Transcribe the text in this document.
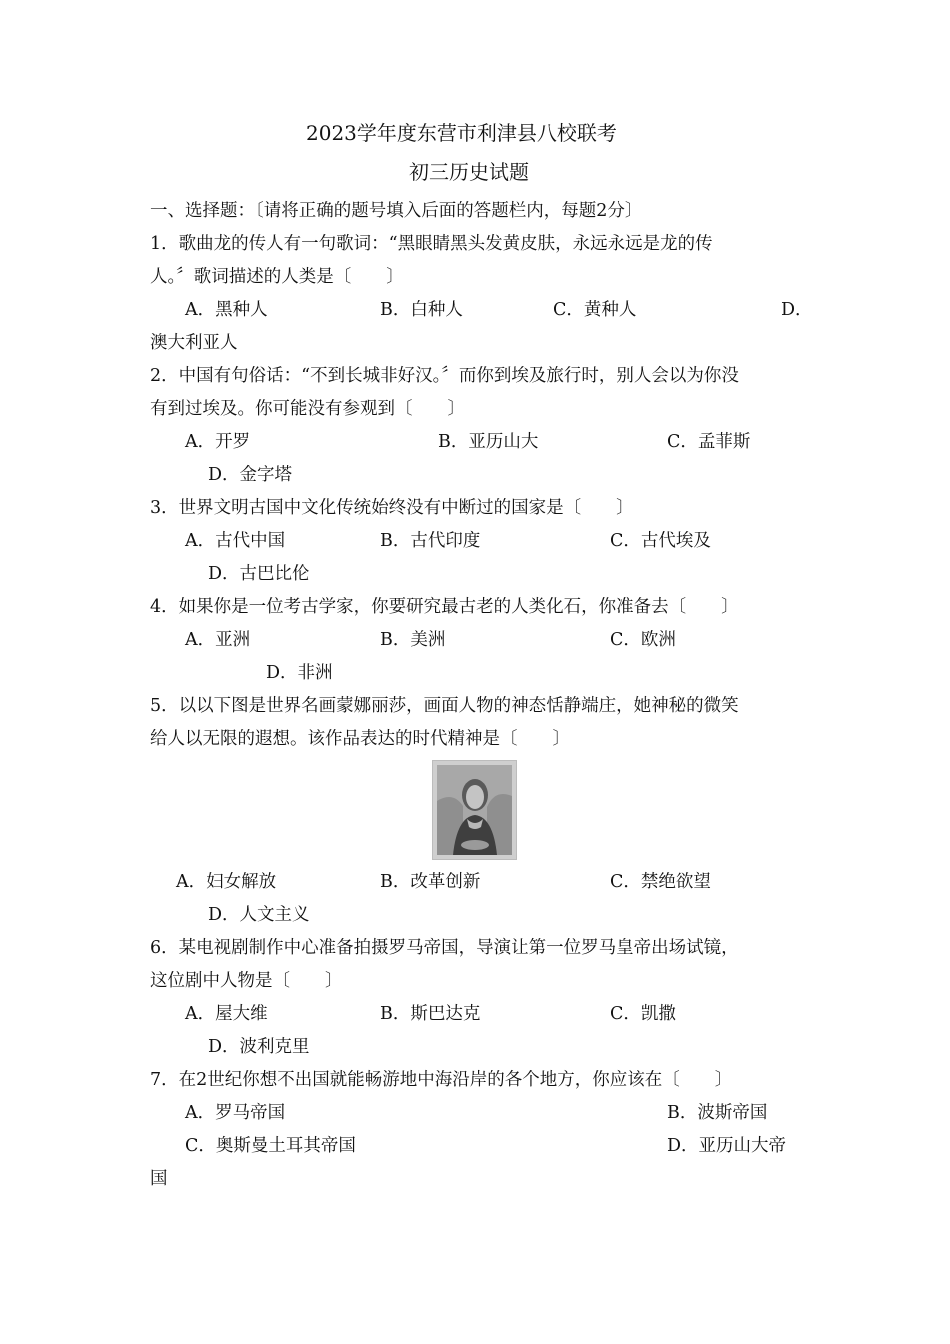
2023学年度东营市利津县八校联考
初三历史试题
一、选择题：〔请将正确的题号填入后面的答题栏内，每题2分〕
1．歌曲龙的传人有一句歌词：“黑眼睛黑头发黄皮肤，永远永远是龙的传
人。〞歌词描述的人类是〔　　〕
A．黑种人	B．白种人	C．黄种人	D．
澳大利亚人
2．中国有句俗话：“不到长城非好汉。〞而你到埃及旅行时，别人会以为你没
有到过埃及。你可能没有参观到〔　　〕
A．开罗	B．亚历山大	C．孟菲斯
D．金字塔
3．世界文明古国中文化传统始终没有中断过的国家是〔　　〕
A．古代中国	B．古代印度	C．古代埃及
D．古巴比伦
4．如果你是一位考古学家，你要研究最古老的人类化石，你准备去〔　　〕
A．亚洲	B．美洲	C．欧洲
D．非洲
5．以以下图是世界名画蒙娜丽莎，画面人物的神态恬静端庄，她神秘的微笑
给人以无限的遐想。该作品表达的时代精神是〔　　〕
A．妇女解放	B．改革创新	C．禁绝欲望
D．人文主义
6．某电视剧制作中心准备拍摄罗马帝国，导演让第一位罗马皇帝出场试镜，
这位剧中人物是〔　　〕
A．屋大维	B．斯巴达克	C．凯撒
D．波利克里
7．在2世纪你想不出国就能畅游地中海沿岸的各个地方，你应该在〔　　〕
A．罗马帝国	B．波斯帝国
C．奥斯曼土耳其帝国	D．亚历山大帝
国
